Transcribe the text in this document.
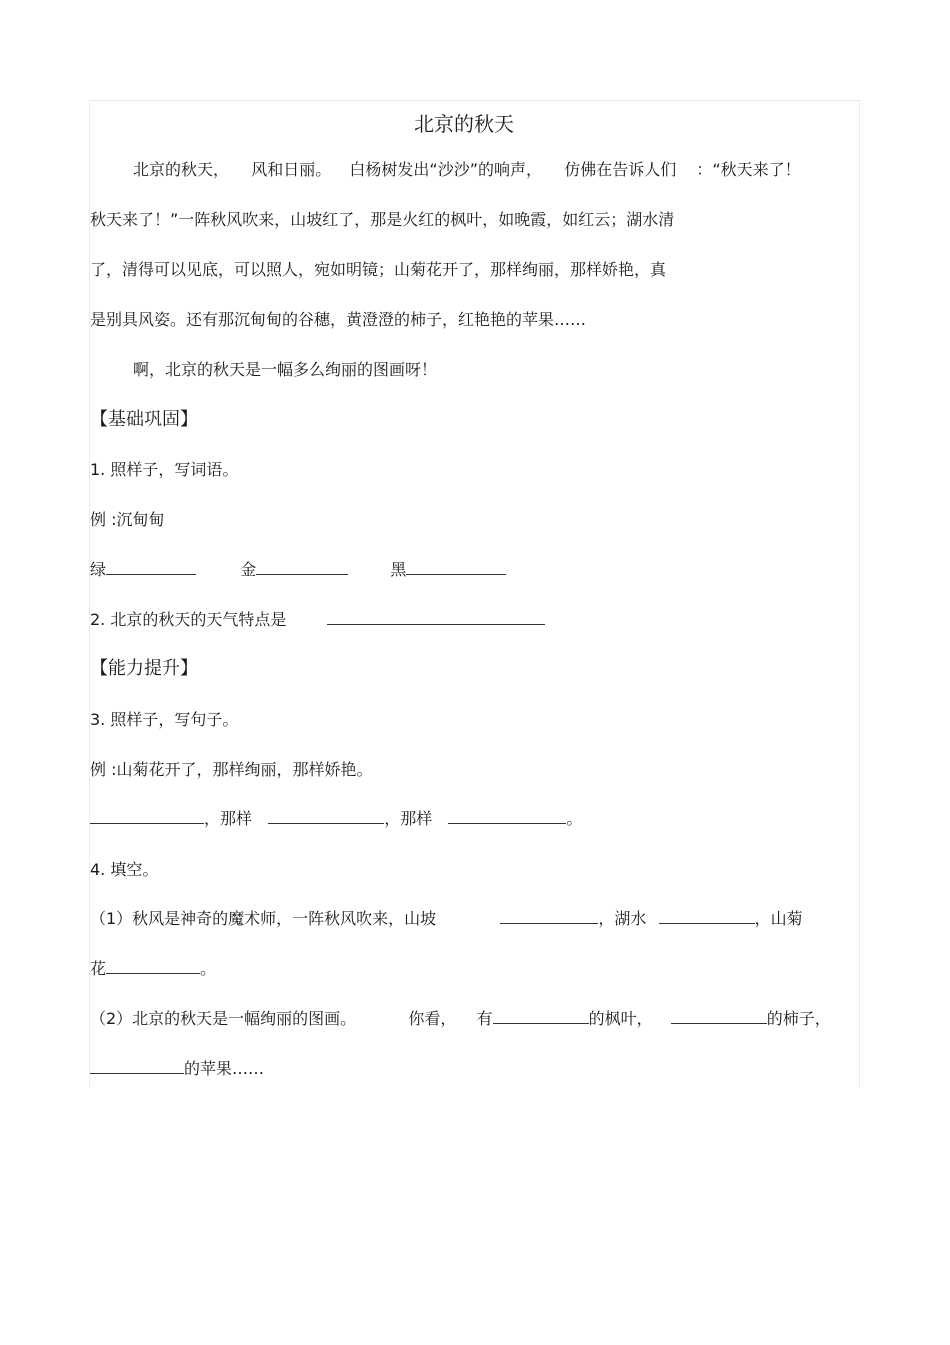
北京的秋天
北京的秋天， 风和日丽。 白杨树发出“沙沙”的响声， 仿佛在告诉人们 ：“秋天来了！
秋天来了！”一阵秋风吹来，山坡红了，那是火红的枫叶，如晚霞，如红云；湖水清
了，清得可以见底，可以照人，宛如明镜；山菊花开了，那样绚丽，那样娇艳，真
是别具风姿。还有那沉甸甸的谷穗，黄澄澄的柿子，红艳艳的苹果……
啊，北京的秋天是一幅多么绚丽的图画呀！
【基础巩固】
1. 照样子，写词语。
例 :沉甸甸
绿	金	黑
2. 北京的秋天的天气特点是
【能力提升】
3. 照样子，写句子。
例 :山菊花开了，那样绚丽，那样娇艳。
，那样	，那样	。
4. 填空。
（1）秋风是神奇的魔术师，一阵秋风吹来，山坡	，湖水	，山菊
花	。
（2）北京的秋天是一幅绚丽的图画。	你看， 有	的枫叶，	的柿子，
的苹果……
